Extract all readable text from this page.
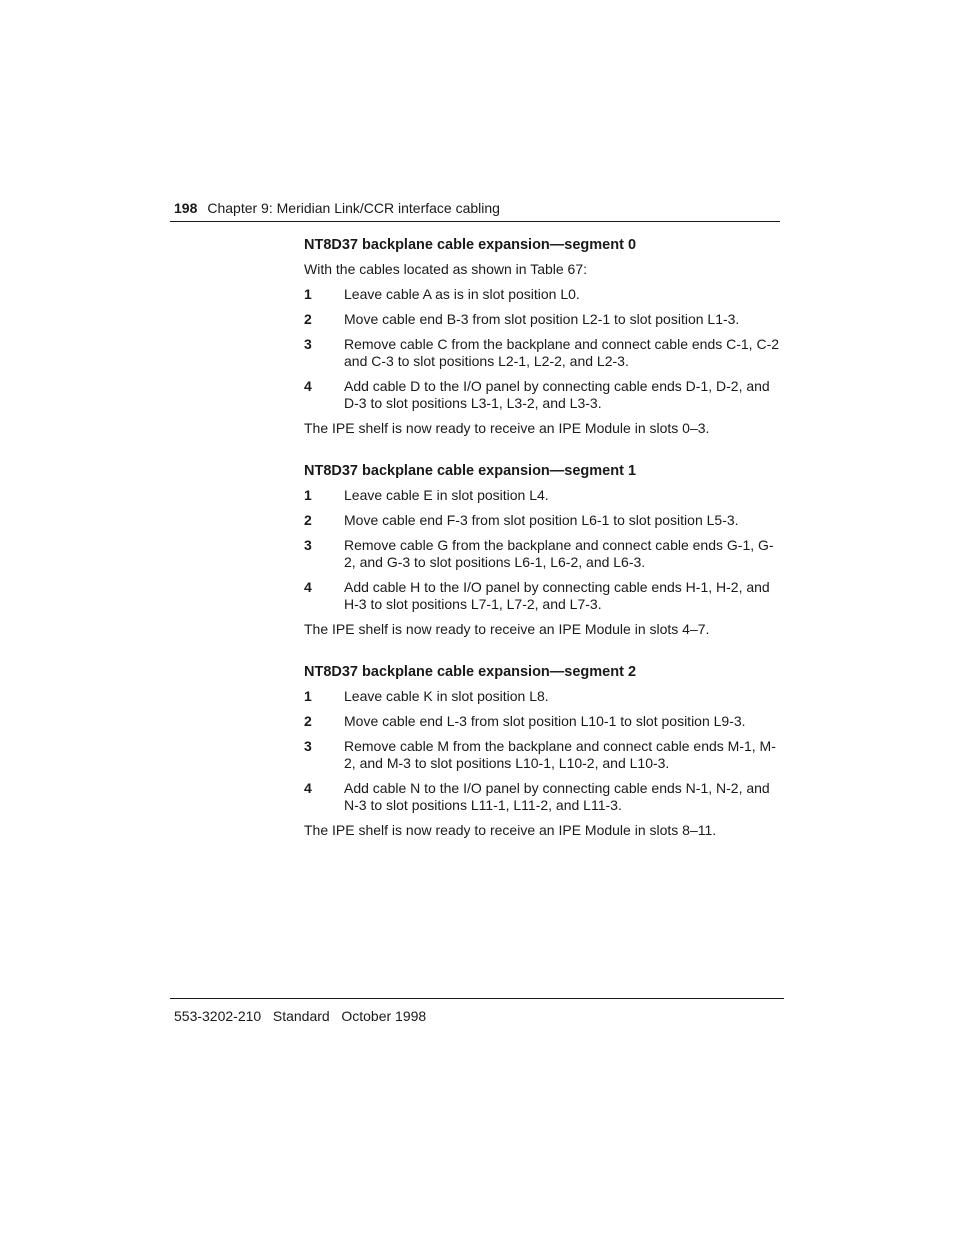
198 Chapter 9: Meridian Link/CCR interface cabling
NT8D37 backplane cable expansion—segment 0

With the cables located as shown in Table 67:

1	Leave cable A as is in slot position L0.
2	Move cable end B-3 from slot position L2-1 to slot position L1-3.
3	Remove cable C from the backplane and connect cable ends C-1, C-2 and C-3 to slot positions L2-1, L2-2, and L2-3.
4	Add cable D to the I/O panel by connecting cable ends D-1, D-2, and D-3 to slot positions L3-1, L3-2, and L3-3.

The IPE shelf is now ready to receive an IPE Module in slots 0–3.

NT8D37 backplane cable expansion—segment 1
1	Leave cable E in slot position L4.
2	Move cable end F-3 from slot position L6-1 to slot position L5-3.
3	Remove cable G from the backplane and connect cable ends G-1, G-2, and G-3 to slot positions L6-1, L6-2, and L6-3.
4	Add cable H to the I/O panel by connecting cable ends H-1, H-2, and H-3 to slot positions L7-1, L7-2, and L7-3.

The IPE shelf is now ready to receive an IPE Module in slots 4–7.

NT8D37 backplane cable expansion—segment 2
1	Leave cable K in slot position L8.
2	Move cable end L-3 from slot position L10-1 to slot position L9-3.
3	Remove cable M from the backplane and connect cable ends M-1, M-2, and M-3 to slot positions L10-1, L10-2, and L10-3.
4	Add cable N to the I/O panel by connecting cable ends N-1, N-2, and N-3 to slot positions L11-1, L11-2, and L11-3.

The IPE shelf is now ready to receive an IPE Module in slots 8–11.

553-3202-210 Standard October 1998
